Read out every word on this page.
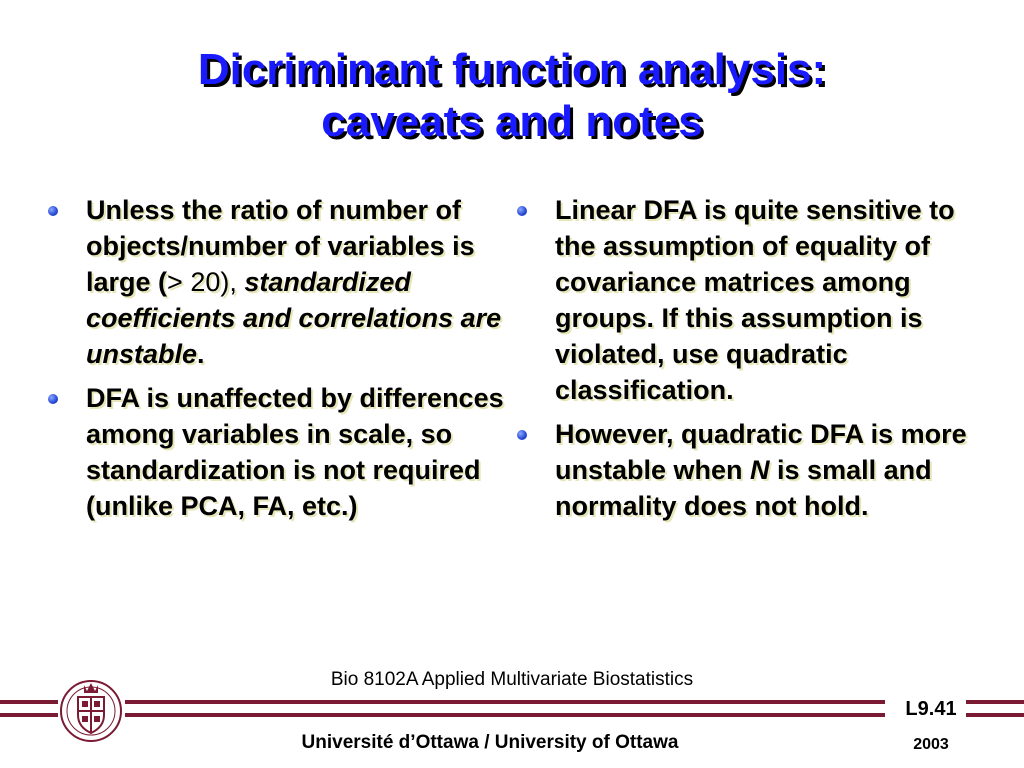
Dicriminant function analysis:
caveats and notes
Unless the ratio of number of objects/number of variables is large (> 20), standardized coefficients and correlations are unstable.
DFA is unaffected by differences among variables in scale, so standardization is not required (unlike PCA, FA, etc.)
Linear DFA is quite sensitive to the assumption of equality of covariance matrices among groups. If this assumption is violated, use quadratic classification.
However, quadratic DFA is more unstable when N is small and normality does not hold.
Bio 8102A Applied Multivariate Biostatistics
L9.41
Université d’Ottawa / University of Ottawa	2003
